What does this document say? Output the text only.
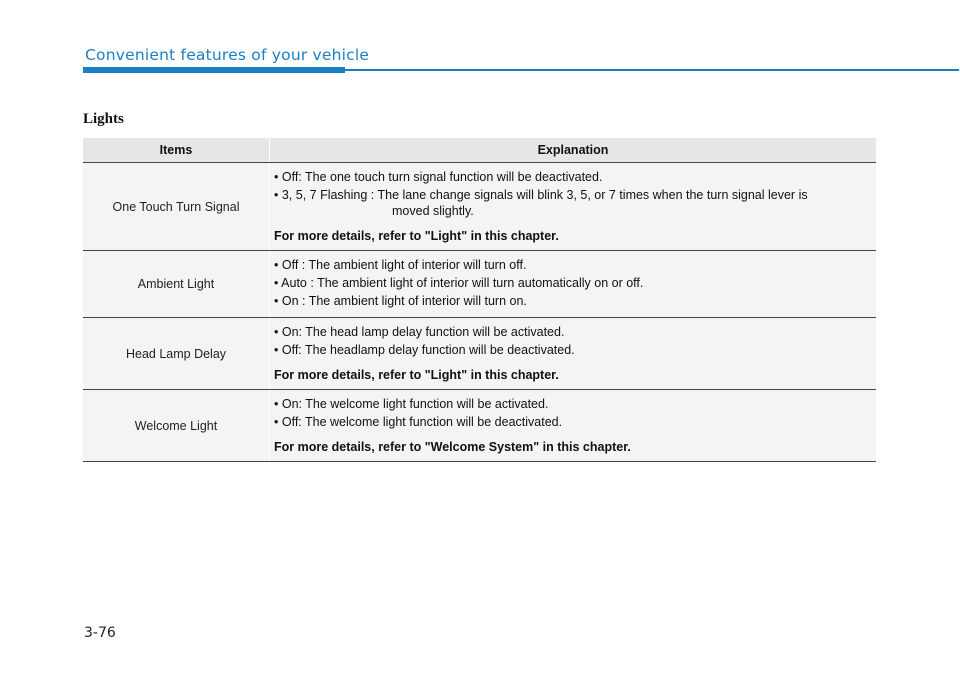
Convenient features of your vehicle
Lights
Items	Explanation
One Touch Turn Signal	• Off: The one touch turn signal function will be deactivated.
• 3, 5, 7 Flashing : The lane change signals will blink 3, 5, or 7 times when the turn signal lever is
moved slightly.
For more details, refer to "Light" in this chapter.

Ambient Light	• Off : The ambient light of interior will turn off.
• Auto : The ambient light of interior will turn automatically on or off.
• On : The ambient light of interior will turn on.

Head Lamp Delay	• On: The head lamp delay function will be activated.
• Off: The headlamp delay function will be deactivated.
For more details, refer to "Light" in this chapter.

Welcome Light	• On: The welcome light function will be activated.
• Off: The welcome light function will be deactivated.
For more details, refer to "Welcome System" in this chapter.
3-76
